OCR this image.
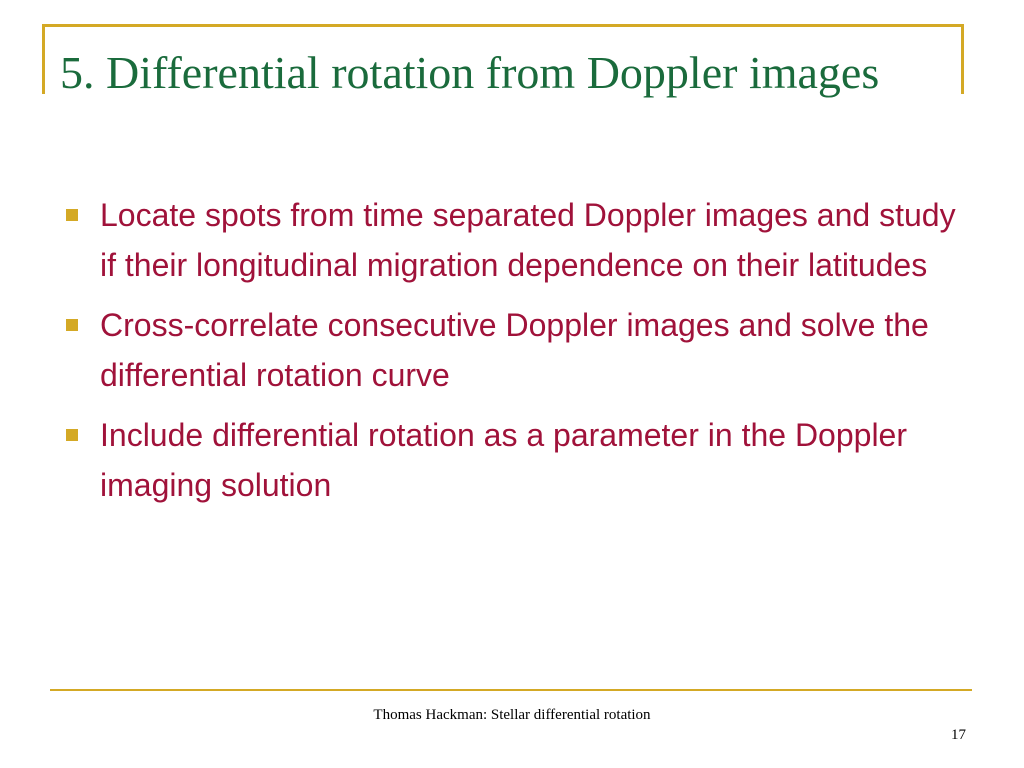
5. Differential rotation from Doppler images
Locate spots from time separated Doppler images and study if their longitudinal migration dependence on their latitudes
Cross-correlate consecutive Doppler images and solve the differential rotation curve
Include differential rotation as a parameter in the Doppler imaging solution
Thomas Hackman: Stellar differential rotation
17
